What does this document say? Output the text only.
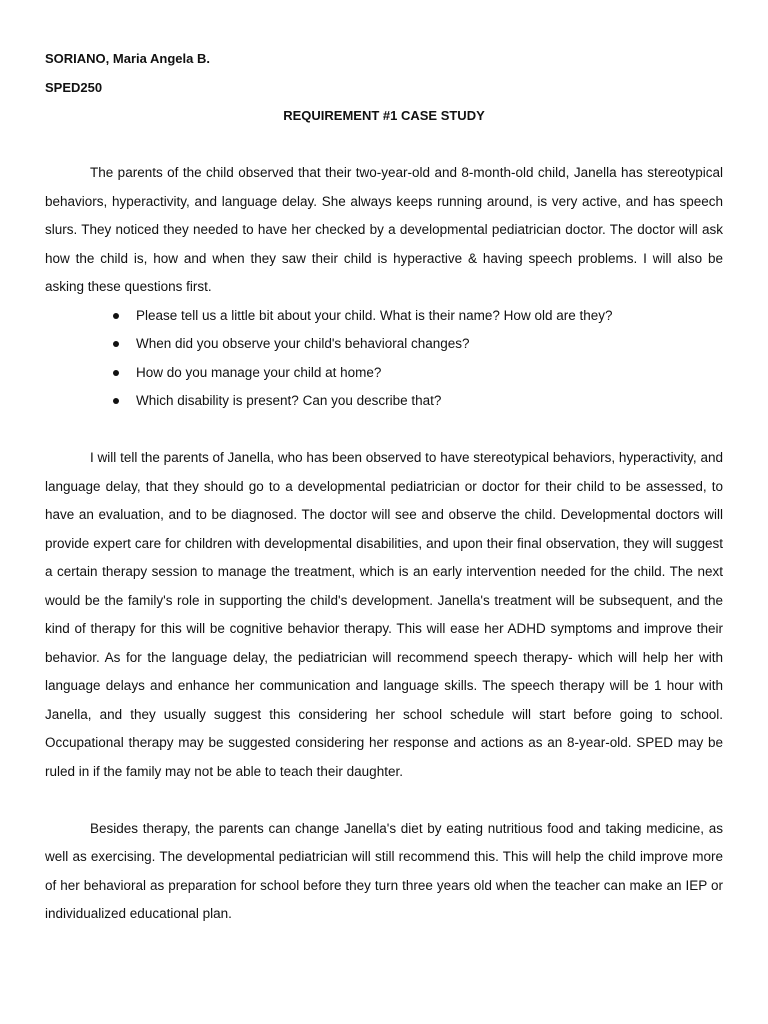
SORIANO, Maria Angela B.

SPED250

REQUIREMENT #1 CASE STUDY

The parents of the child observed that their two-year-old and 8-month-old child, Janella has stereotypical behaviors, hyperactivity, and language delay. She always keeps running around, is very active, and has speech slurs. They noticed they needed to have her checked by a developmental pediatrician doctor. The doctor will ask how the child is, how and when they saw their child is hyperactive & having speech problems. I will also be asking these questions first.

Please tell us a little bit about your child. What is their name? How old are they?
When did you observe your child's behavioral changes?
How do you manage your child at home?
Which disability is present? Can you describe that?

I will tell the parents of Janella, who has been observed to have stereotypical behaviors, hyperactivity, and language delay, that they should go to a developmental pediatrician or doctor for their child to be assessed, to have an evaluation, and to be diagnosed. The doctor will see and observe the child. Developmental doctors will provide expert care for children with developmental disabilities, and upon their final observation, they will suggest a certain therapy session to manage the treatment, which is an early intervention needed for the child. The next would be the family's role in supporting the child's development. Janella's treatment will be subsequent, and the kind of therapy for this will be cognitive behavior therapy. This will ease her ADHD symptoms and improve their behavior. As for the language delay, the pediatrician will recommend speech therapy- which will help her with language delays and enhance her communication and language skills. The speech therapy will be 1 hour with Janella, and they usually suggest this considering her school schedule will start before going to school. Occupational therapy may be suggested considering her response and actions as an 8-year-old. SPED may be ruled in if the family may not be able to teach their daughter.

Besides therapy, the parents can change Janella's diet by eating nutritious food and taking medicine, as well as exercising. The developmental pediatrician will still recommend this. This will help the child improve more of her behavioral as preparation for school before they turn three years old when the teacher can make an IEP or individualized educational plan.
